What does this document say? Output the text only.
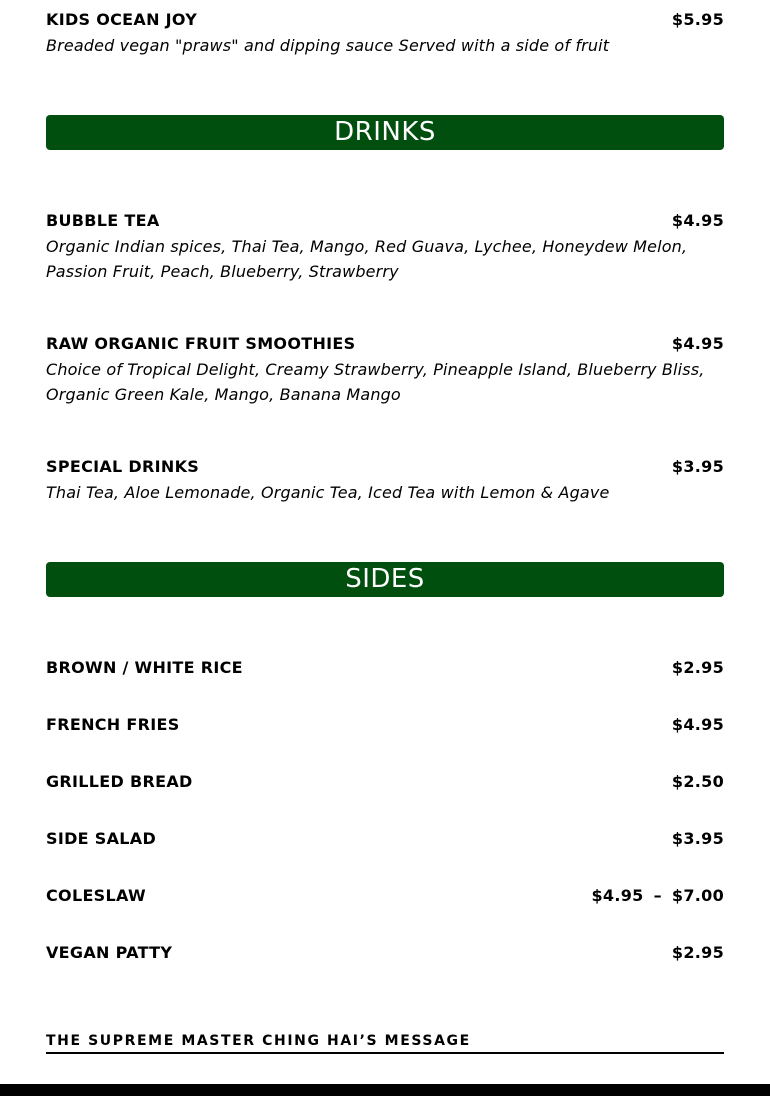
KIDS OCEAN JOY	$5.95
Breaded vegan "praws" and dipping sauce Served with a side of fruit
DRINKS
BUBBLE TEA	$4.95
Organic Indian spices, Thai Tea, Mango, Red Guava, Lychee, Honeydew Melon,
Passion Fruit, Peach, Blueberry, Strawberry
RAW ORGANIC FRUIT SMOOTHIES	$4.95
Choice of Tropical Delight, Creamy Strawberry, Pineapple Island, Blueberry Bliss,
Organic Green Kale, Mango, Banana Mango
SPECIAL DRINKS	$3.95
Thai Tea, Aloe Lemonade, Organic Tea, Iced Tea with Lemon & Agave
SIDES
BROWN / WHITE RICE	$2.95
FRENCH FRIES	$4.95
GRILLED BREAD	$2.50
SIDE SALAD	$3.95
COLESLAW	$4.95 – $7.00
VEGAN PATTY	$2.95
THE SUPREME MASTER CHING HAI’S MESSAGE
